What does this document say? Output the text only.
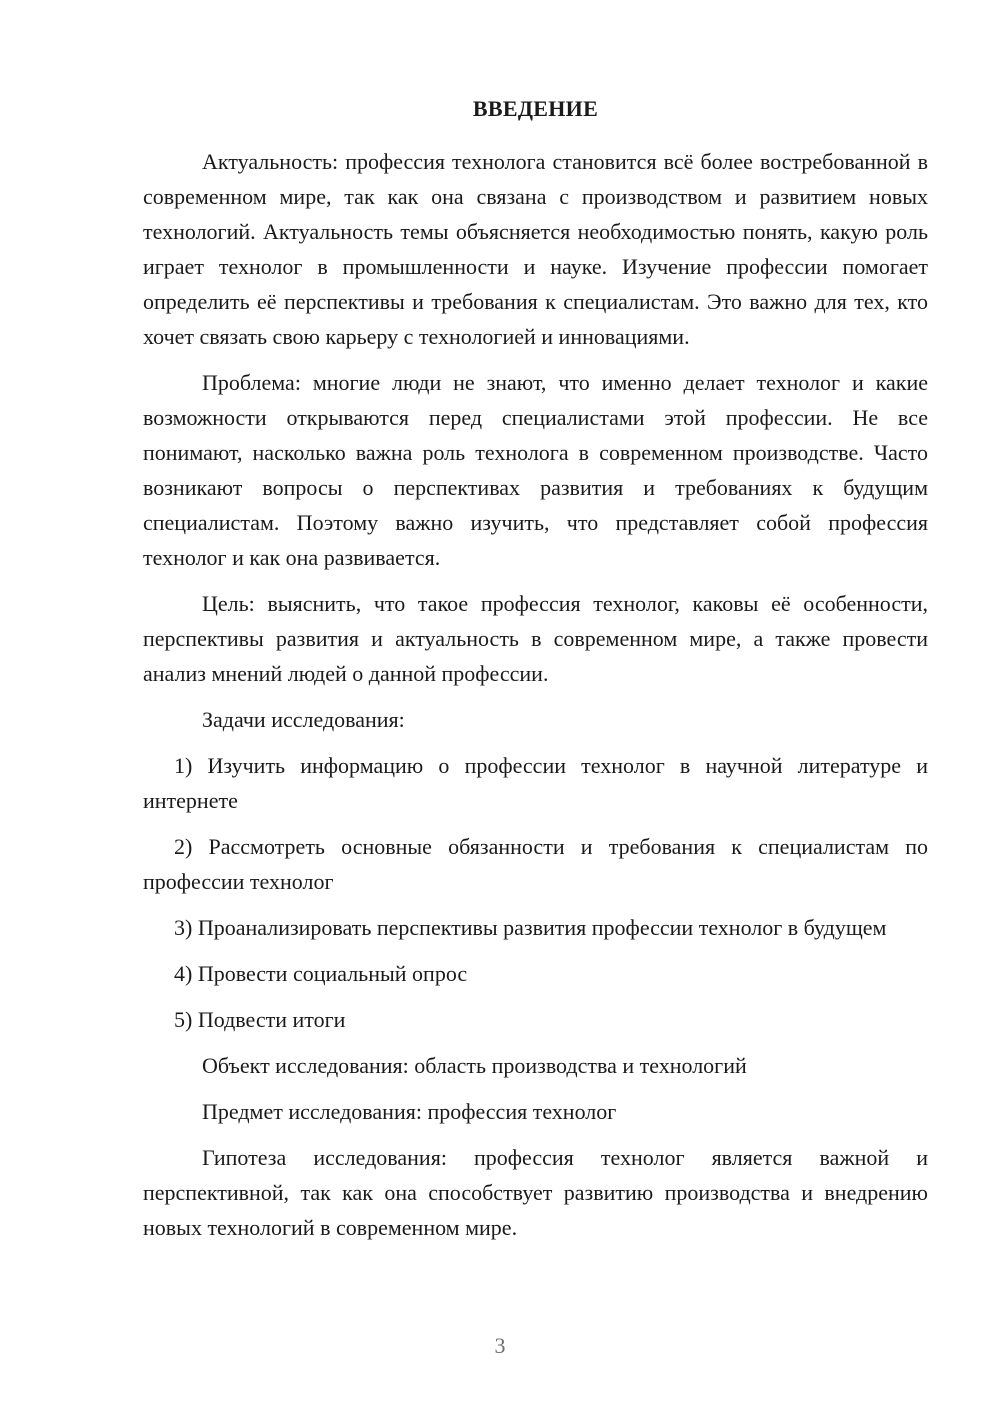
ВВЕДЕНИЕ

Актуальность: профессия технолога становится всё более востребованной в современном мире, так как она связана с производством и развитием новых технологий. Актуальность темы объясняется необходимостью понять, какую роль играет технолог в промышленности и науке. Изучение профессии помогает определить её перспективы и требования к специалистам. Это важно для тех, кто хочет связать свою карьеру с технологией и инновациями.

Проблема: многие люди не знают, что именно делает технолог и какие возможности открываются перед специалистами этой профессии. Не все понимают, насколько важна роль технолога в современном производстве. Часто возникают вопросы о перспективах развития и требованиях к будущим специалистам. Поэтому важно изучить, что представляет собой профессия технолог и как она развивается.

Цель: выяснить, что такое профессия технолог, каковы её особенности, перспективы развития и актуальность в современном мире, а также провести анализ мнений людей о данной профессии.

Задачи исследования:

1) Изучить информацию о профессии технолог в научной литературе и интернете

2) Рассмотреть основные обязанности и требования к специалистам по профессии технолог

3) Проанализировать перспективы развития профессии технолог в будущем

4) Провести социальный опрос

5) Подвести итоги

Объект исследования: область производства и технологий

Предмет исследования: профессия технолог

Гипотеза исследования: профессия технолог является важной и перспективной, так как она способствует развитию производства и внедрению новых технологий в современном мире.

3
